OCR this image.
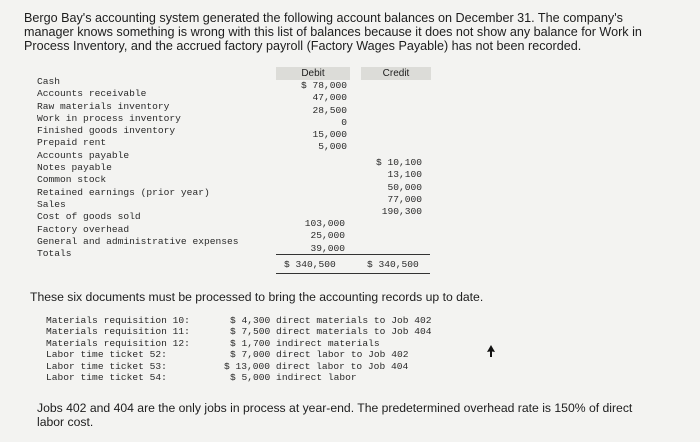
Bergo Bay's accounting system generated the following account balances on December 31. The company's manager knows something is wrong with this list of balances because it does not show any balance for Work in Process Inventory, and the accrued factory payroll (Factory Wages Payable) has not been recorded.
Debit	Credit
Cash
Accounts receivable
Raw materials inventory
Work in process inventory
Finished goods inventory
Prepaid rent
Accounts payable
Notes payable
Common stock
Retained earnings (prior year)
Sales
Cost of goods sold
Factory overhead
General and administrative expenses
Totals
$ 78,000
47,000
28,500
0
15,000
5,000
$ 10,100
13,100
50,000
77,000
190,300
103,000
25,000
39,000
$ 340,500	$ 340,500
These six documents must be processed to bring the accounting records up to date.
Materials requisition 10:
Materials requisition 11:
Materials requisition 12:
Labor time ticket 52:
Labor time ticket 53:
Labor time ticket 54:
$ 4,300 direct materials to Job 402
$ 7,500 direct materials to Job 404
$ 1,700 indirect materials
$ 7,000 direct labor to Job 402
$ 13,000 direct labor to Job 404
$ 5,000 indirect labor
Jobs 402 and 404 are the only jobs in process at year-end. The predetermined overhead rate is 150% of direct labor cost.
